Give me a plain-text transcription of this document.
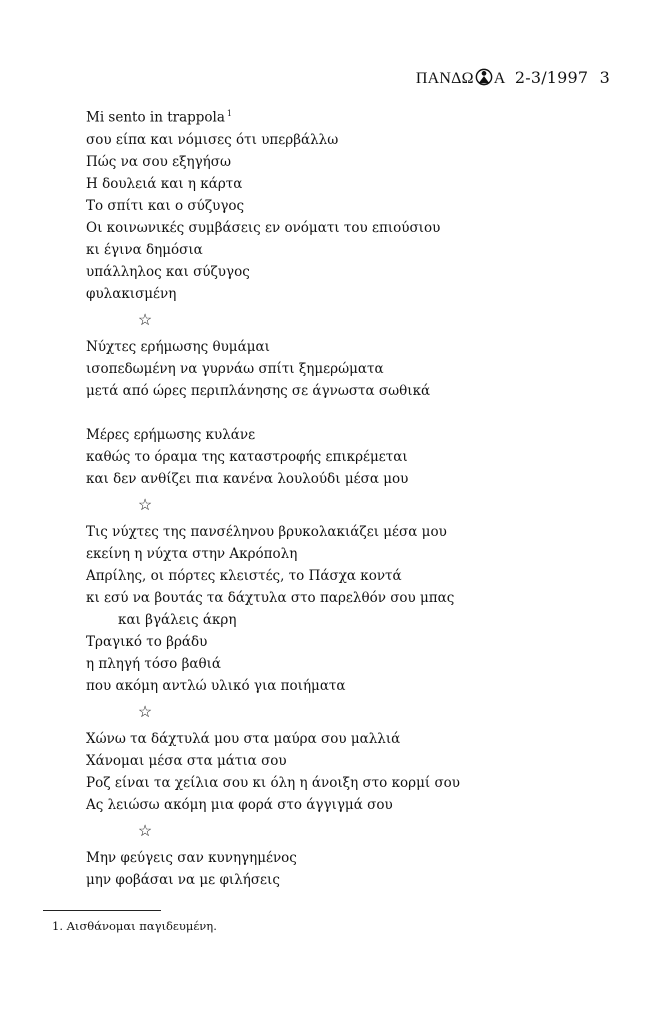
ΠΑΝΔΩ Α 2-3/1997 3
Mi sento in trappola $^1$
σου είπα και νόμισες ότι υπερβάλλω
Πώς να σου εξηγήσω
Η δουλειά και η κάρτα
Το σπίτι και ο σύζυγος
Οι κοινωνικές συμβάσεις εν ονόματι του επιούσιου
κι έγινα δημόσια
υπάλληλος και σύζυγος
φυλακισμένη
☆
Νύχτες ερήμωσης θυμάμαι
ισοπεδωμένη να γυρνάω σπίτι ξημερώματα
μετά από ώρες περιπλάνησης σε άγνωστα σωθικά
Μέρες ερήμωσης κυλάνε
καθώς το όραμα της καταστροφής επικρέμεται
και δεν ανθίζει πια κανένα λουλούδι μέσα μου
☆
Τις νύχτες της πανσέληνου βρυκολακιάζει μέσα μου
εκείνη η νύχτα στην Ακρόπολη
Απρίλης, οι πόρτες κλειστές, το Πάσχα κοντά
κι εσύ να βουτάς τα δάχτυλα στο παρελθόν σου μπας
και βγάλεις άκρη
Τραγικό το βράδυ
η πληγή τόσο βαθιά
που ακόμη αντλώ υλικό για ποιήματα
☆
Χώνω τα δάχτυλά μου στα μαύρα σου μαλλιά
Χάνομαι μέσα στα μάτια σου
Ροζ είναι τα χείλια σου κι όλη η άνοιξη στο κορμί σου
Ας λειώσω ακόμη μια φορά στο άγγιγμά σου
☆
Μην φεύγεις σαν κυνηγημένος
μην φοβάσαι να με φιλήσεις
1. Αισθάνομαι παγιδευμένη.
